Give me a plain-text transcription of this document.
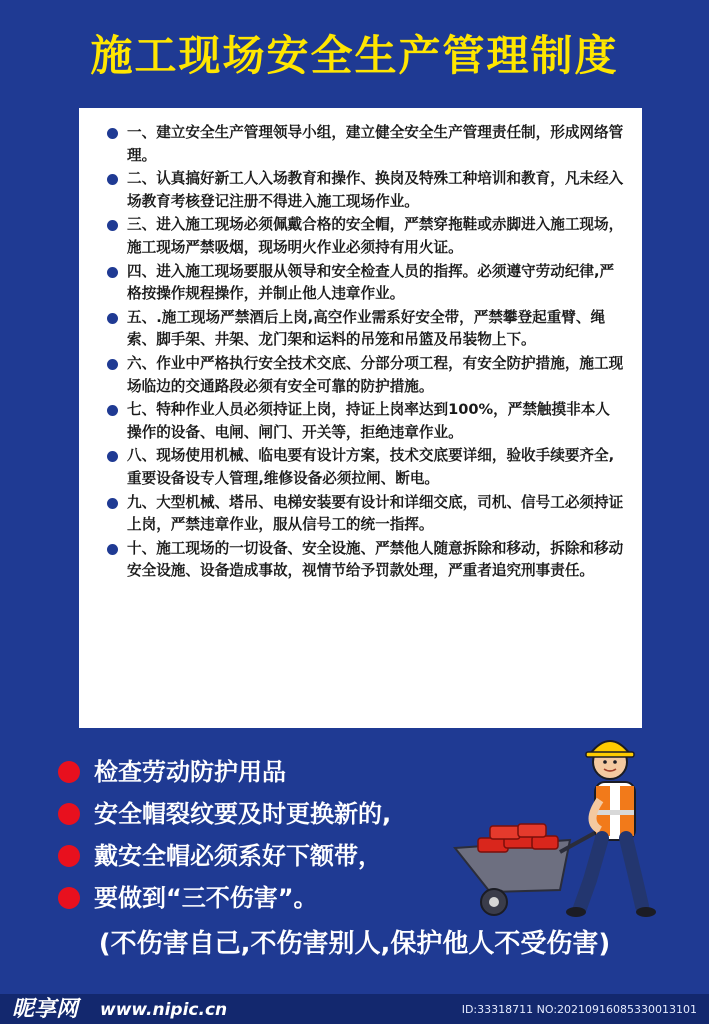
施工现场安全生产管理制度
一、建立安全生产管理领导小组，建立健全安全生产管理责任制，形成网络管理。
二、认真搞好新工人入场教育和操作、换岗及特殊工种培训和教育，凡未经入场教育考核登记注册不得进入施工现场作业。
三、进入施工现场必须佩戴合格的安全帽，严禁穿拖鞋或赤脚进入施工现场，施工现场严禁吸烟，现场明火作业必须持有用火证。
四、进入施工现场要服从领导和安全检查人员的指挥。必须遵守劳动纪律,严格按操作规程操作，并制止他人违章作业。
五、.施工现场严禁酒后上岗,高空作业需系好安全带，严禁攀登起重臂、绳索、脚手架、井架、龙门架和运料的吊笼和吊篮及吊装物上下。
六、作业中严格执行安全技术交底、分部分项工程，有安全防护措施，施工现场临边的交通路段必须有安全可靠的防护措施。
七、特种作业人员必须持证上岗，持证上岗率达到100%，严禁触摸非本人操作的设备、电闸、闸门、开关等，拒绝违章作业。
八、现场使用机械、临电要有设计方案，技术交底要详细，验收手续要齐全,重要设备设专人管理,维修设备必须拉闸、断电。
九、大型机械、塔吊、电梯安装要有设计和详细交底，司机、信号工必须持证上岗，严禁违章作业，服从信号工的统一指挥。
十、施工现场的一切设备、安全设施、严禁他人随意拆除和移动，拆除和移动安全设施、设备造成事故，视情节给予罚款处理，严重者追究刑事责任。
检查劳动防护用品
安全帽裂纹要及时更换新的,
戴安全帽必须系好下额带，
要做到“三不伤害”。
(不伤害自己,不伤害别人,保护他人不受伤害)
昵享网 www.nipic.cn	ID:33318711 NO:20210916085330013101
